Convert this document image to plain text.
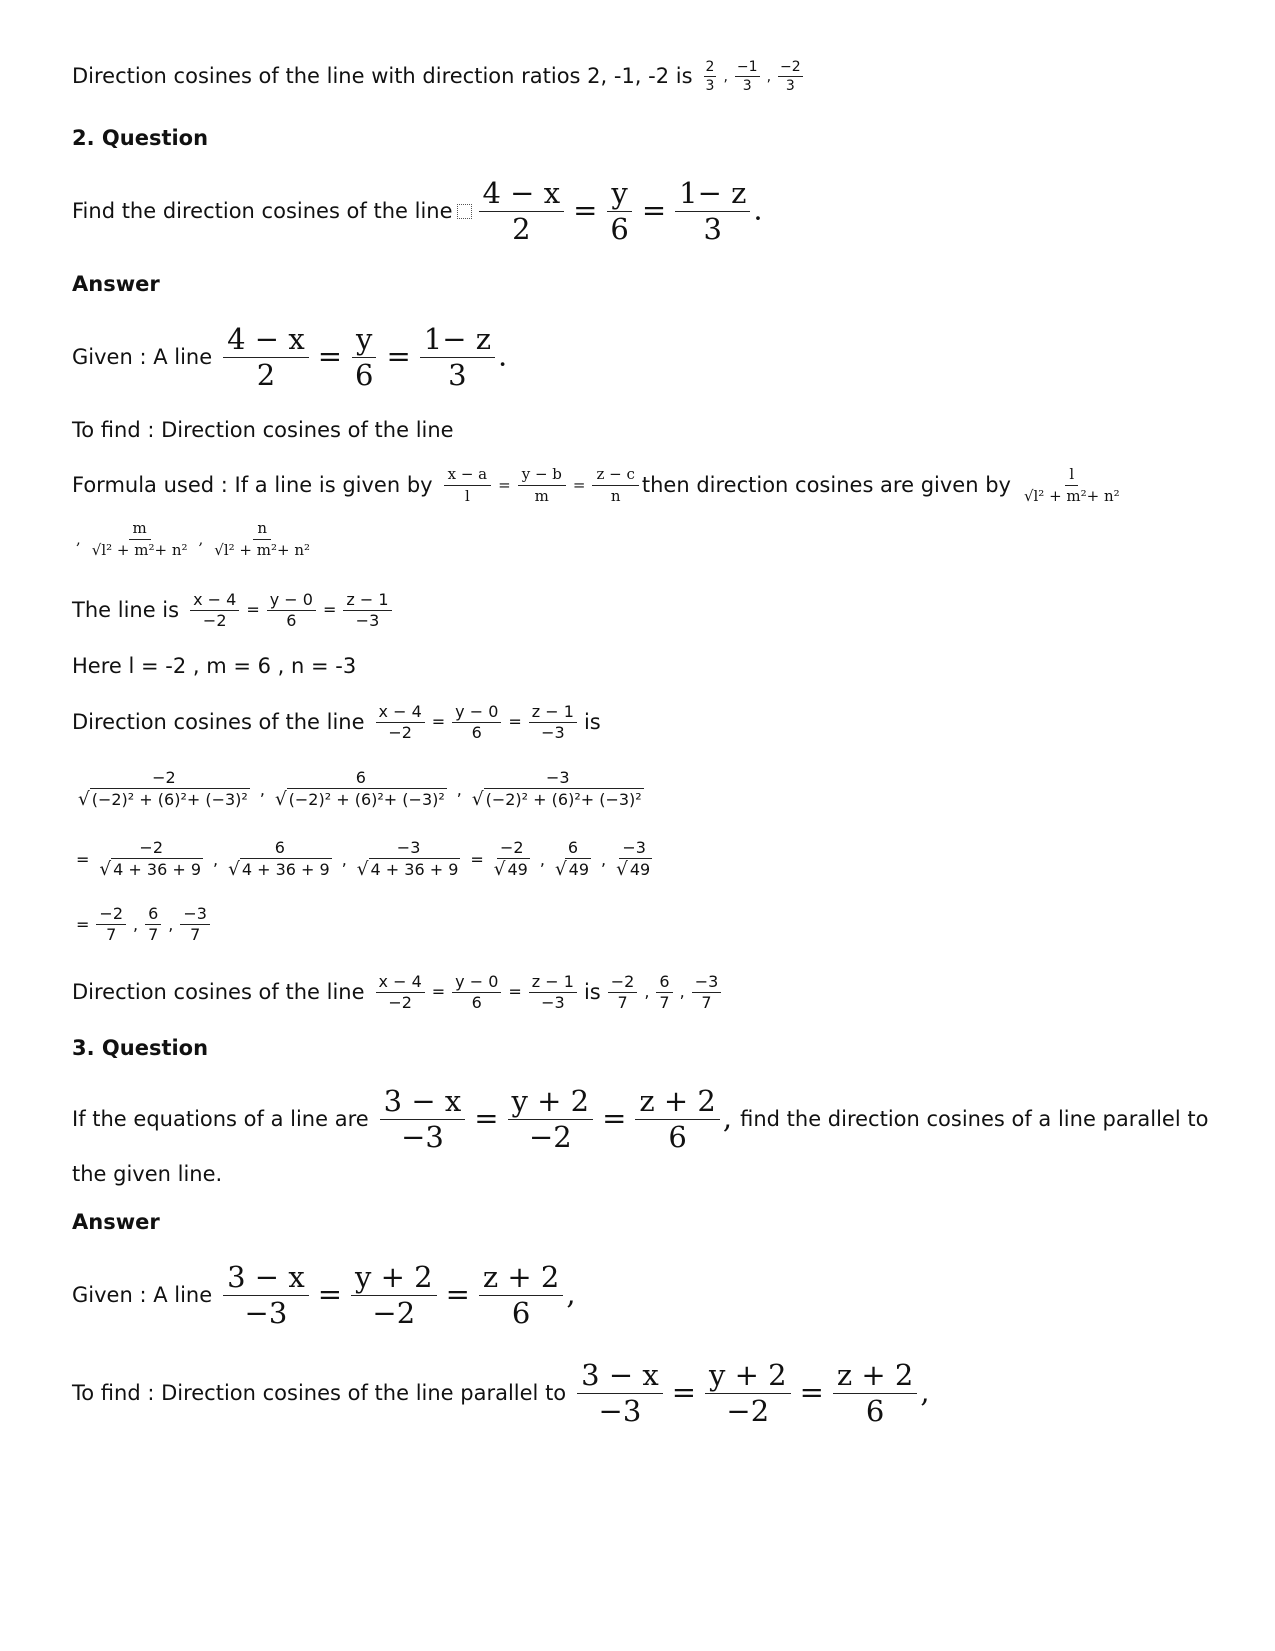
Direction cosines of the line with direction ratios 2, -1, -2 is $\frac{2}{3}$ , $\frac{-1}{3}$ , $\frac{-2}{3}$
2. Question
Find the direction cosines of the line $\frac{4 - x}{2} = \frac{y}{6} = \frac{1- z}{3}$ .
Answer
Given : A line $\frac{4 - x}{2} = \frac{y}{6} = \frac{1- z}{3}$ .
To find : Direction cosines of the line
Formula used : If a line is given by $\frac{x - a}{l} = \frac{y - b}{m} = \frac{z - c}{n}$ then direction cosines are given by $\frac{l}{\text{√l² + m²+ n²}}$
, $\frac{m}{\text{√l² + m²+ n²}}$ , $\frac{n}{\text{√l² + m²+ n²}}$
The line is $\frac{x - 4}{-2} = \frac{y - 0}{6} = \frac{z - 1}{-3}$
Here l = -2 , m = 6 , n = -3
Direction cosines of the line $\frac{x - 4}{-2} = \frac{y - 0}{6} = \frac{z - 1}{-3}$ is
$\frac{-2}{\text{√ (−2)² + (6)²+ (−3)²}}$ , $\frac{6}{\text{√ (−2)² + (6)²+ (−3)²}}$ , $\frac{-3}{\text{√ (−2)² + (6)²+ (−3)²}}$
= $\frac{-2}{√ 4 + 36 + 9}$ , $\frac{6}{√ 4 + 36 + 9}$ , $\frac{-3}{√ 4 + 36 + 9} = \frac{-2}{√ 49}$ , $\frac{6}{√ 49}$ , $\frac{-3}{√ 49}$
= $\frac{-2}{7}$ , $\frac{6}{7}$ , $\frac{-3}{7}$
Direction cosines of the line $\frac{x - 4}{-2} = \frac{y - 0}{6} = \frac{z - 1}{-3}$ is $\frac{-2}{7}$ , $\frac{6}{7}$ , $\frac{-3}{7}$
3. Question
If the equations of a line are $\frac{3 - x}{-3} = \frac{y + 2}{-2} = \frac{z + 2}{6}$ , find the direction cosines of a line parallel to
the given line.
Answer
Given : A line $\frac{3 - x}{-3} = \frac{y + 2}{-2} = \frac{z + 2}{6}$ ,
To find : Direction cosines of the line parallel to $\frac{3 - x}{-3} = \frac{y + 2}{-2} = \frac{z + 2}{6}$ ,
